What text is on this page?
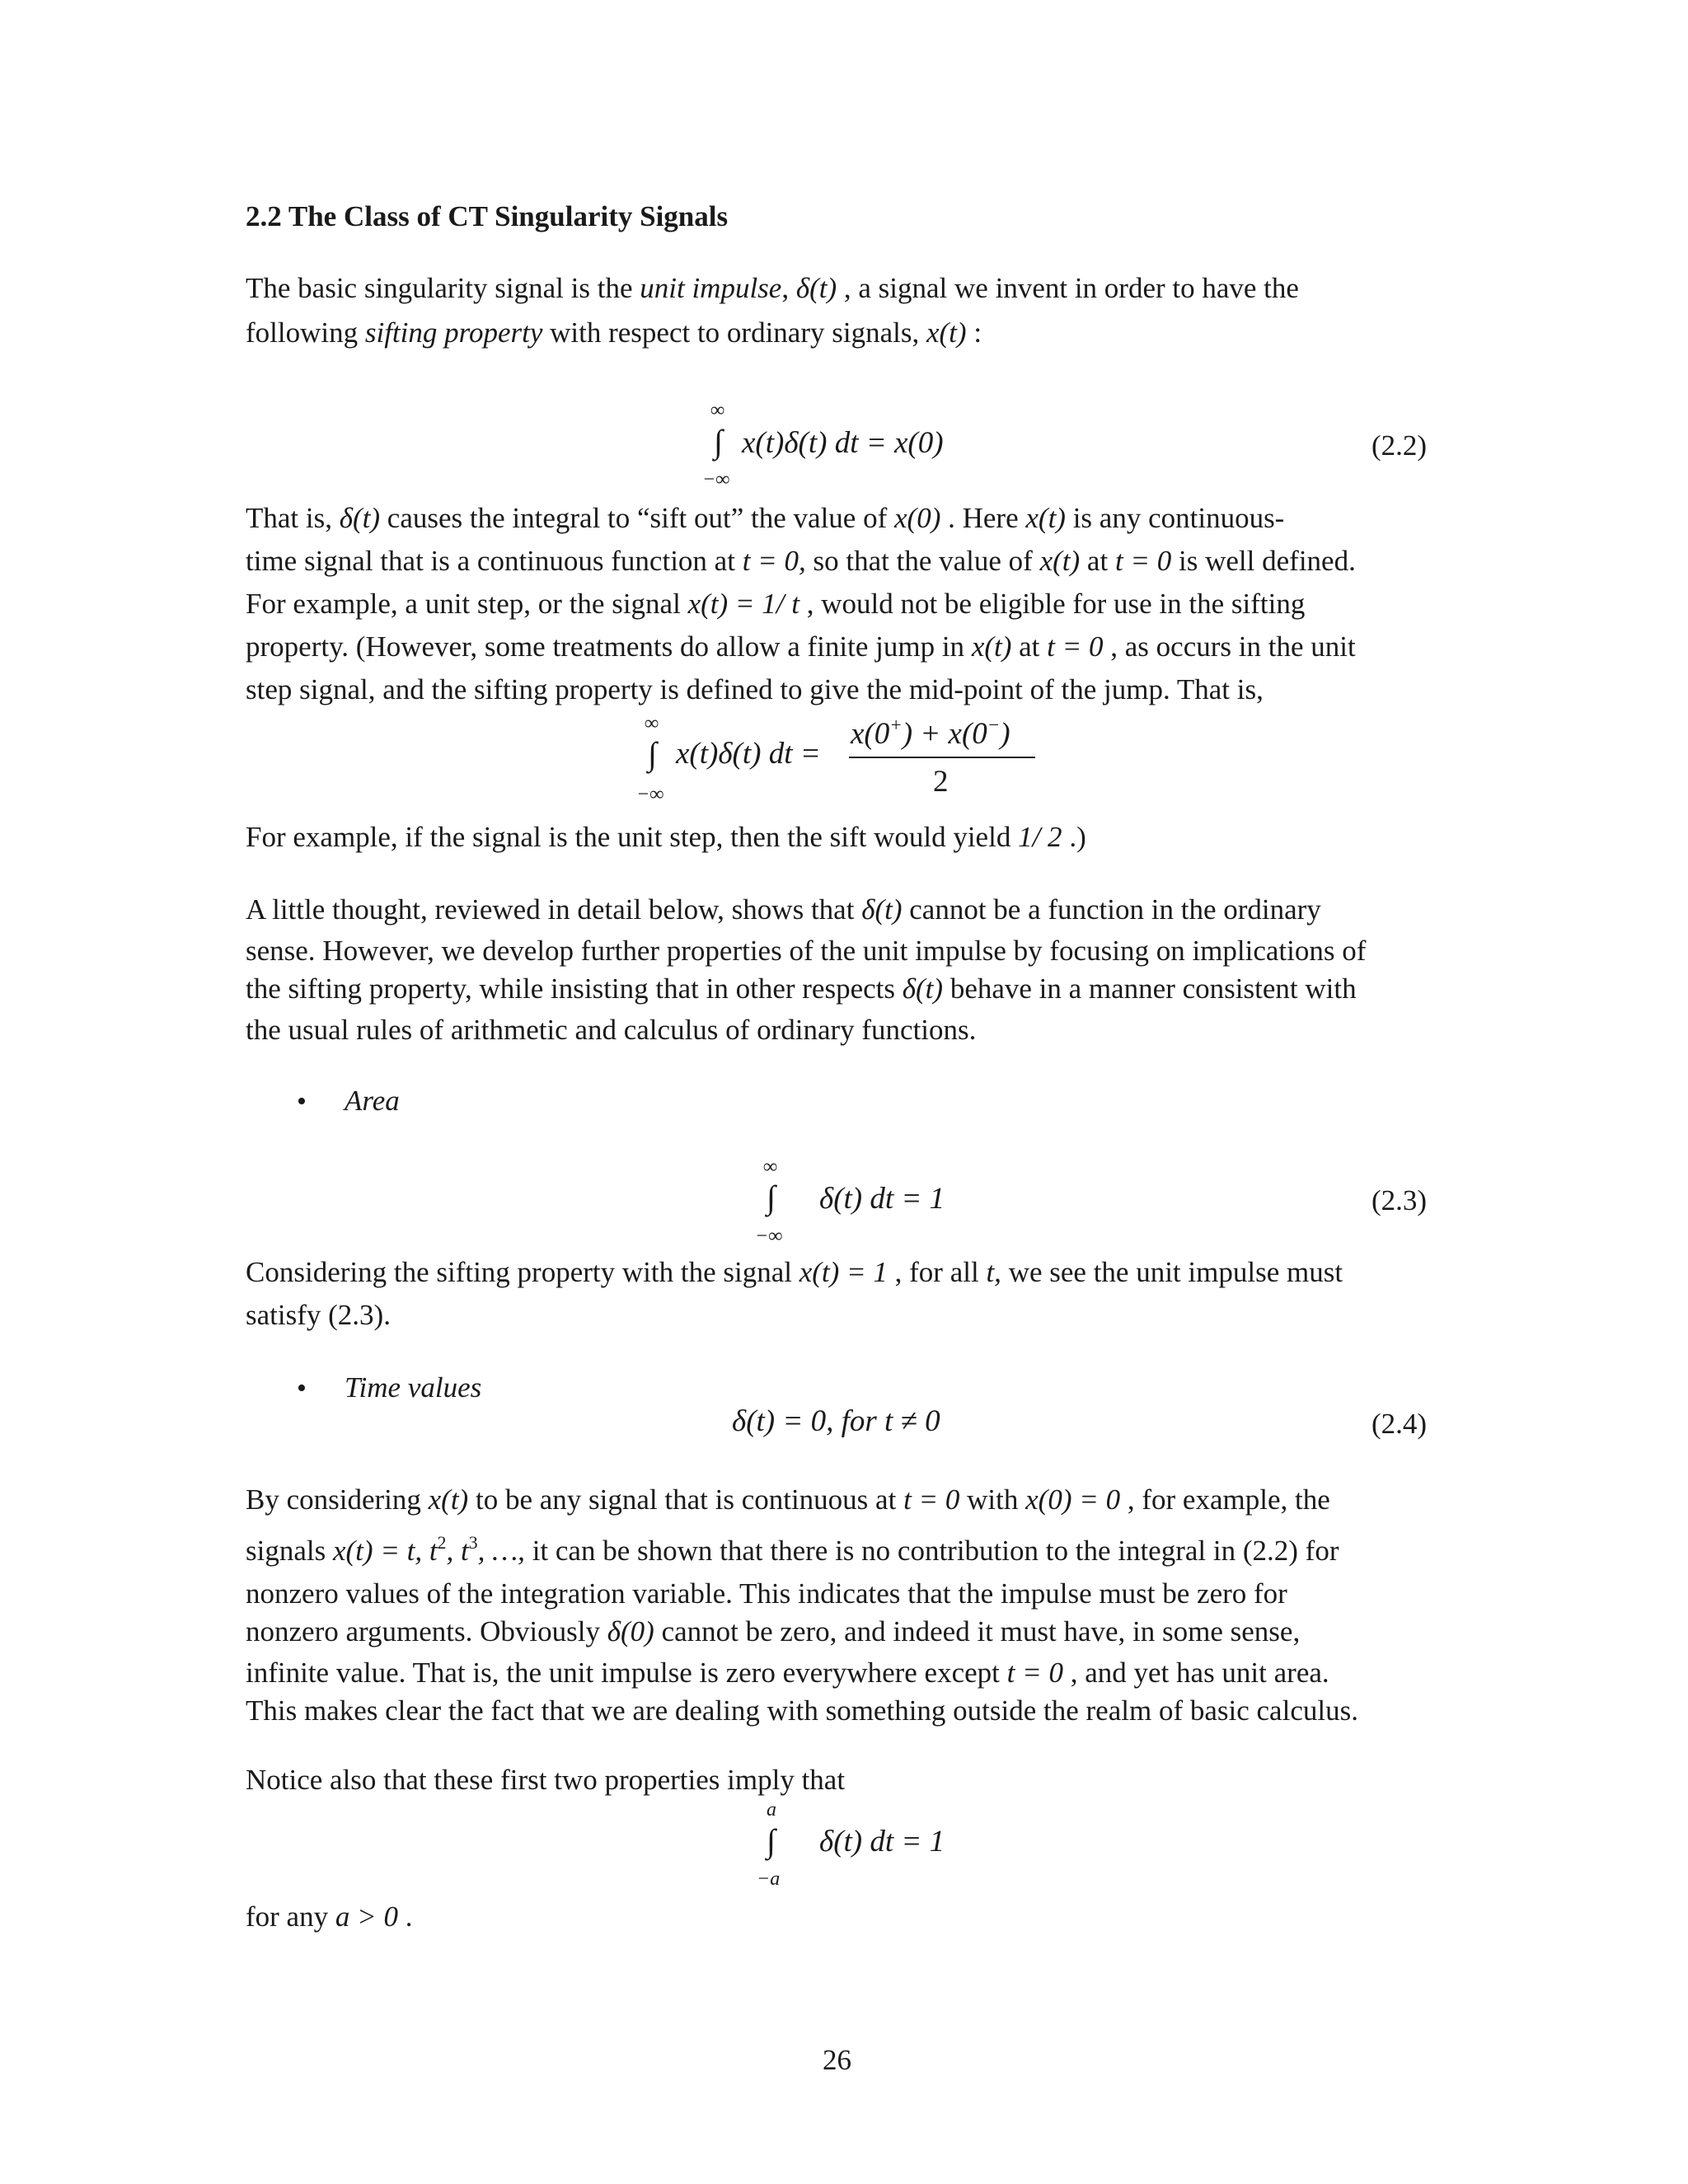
2.2 The Class of CT Singularity Signals
The basic singularity signal is the unit impulse, δ(t) , a signal we invent in order to have the
following sifting property with respect to ordinary signals, x(t) :
∞
∫
−∞
x(t)δ(t) dt = x(0)	(2.2)
That is, δ(t) causes the integral to “sift out” the value of x(0) . Here x(t) is any continuous-
time signal that is a continuous function at t = 0, so that the value of x(t) at t = 0 is well defined.
For example, a unit step, or the signal x(t) = 1/ t , would not be eligible for use in the sifting
property. (However, some treatments do allow a finite jump in x(t) at t = 0 , as occurs in the unit
step signal, and the sifting property is defined to give the mid-point of the jump. That is,
∞
∫
−∞
x(t)δ(t) dt =
x(0+) + x(0−)
2
For example, if the signal is the unit step, then the sift would yield 1/ 2 .)
A little thought, reviewed in detail below, shows that δ(t) cannot be a function in the ordinary
sense. However, we develop further properties of the unit impulse by focusing on implications of
the sifting property, while insisting that in other respects δ(t) behave in a manner consistent with
the usual rules of arithmetic and calculus of ordinary functions.
• Area
∞
∫
−∞
δ(t) dt = 1	(2.3)
Considering the sifting property with the signal x(t) = 1 , for all t, we see the unit impulse must
satisfy (2.3).
• Time values
δ(t) = 0, for t ≠ 0	(2.4)
By considering x(t) to be any signal that is continuous at t = 0 with x(0) = 0 , for example, the
signals x(t) = t, $t^2$, $t^3$, …, it can be shown that there is no contribution to the integral in (2.2) for
nonzero values of the integration variable. This indicates that the impulse must be zero for
nonzero arguments. Obviously δ(0) cannot be zero, and indeed it must have, in some sense,
infinite value. That is, the unit impulse is zero everywhere except t = 0 , and yet has unit area.
This makes clear the fact that we are dealing with something outside the realm of basic calculus.
Notice also that these first two properties imply that
a
∫
−a
δ(t) dt = 1
for any a > 0 .
26
